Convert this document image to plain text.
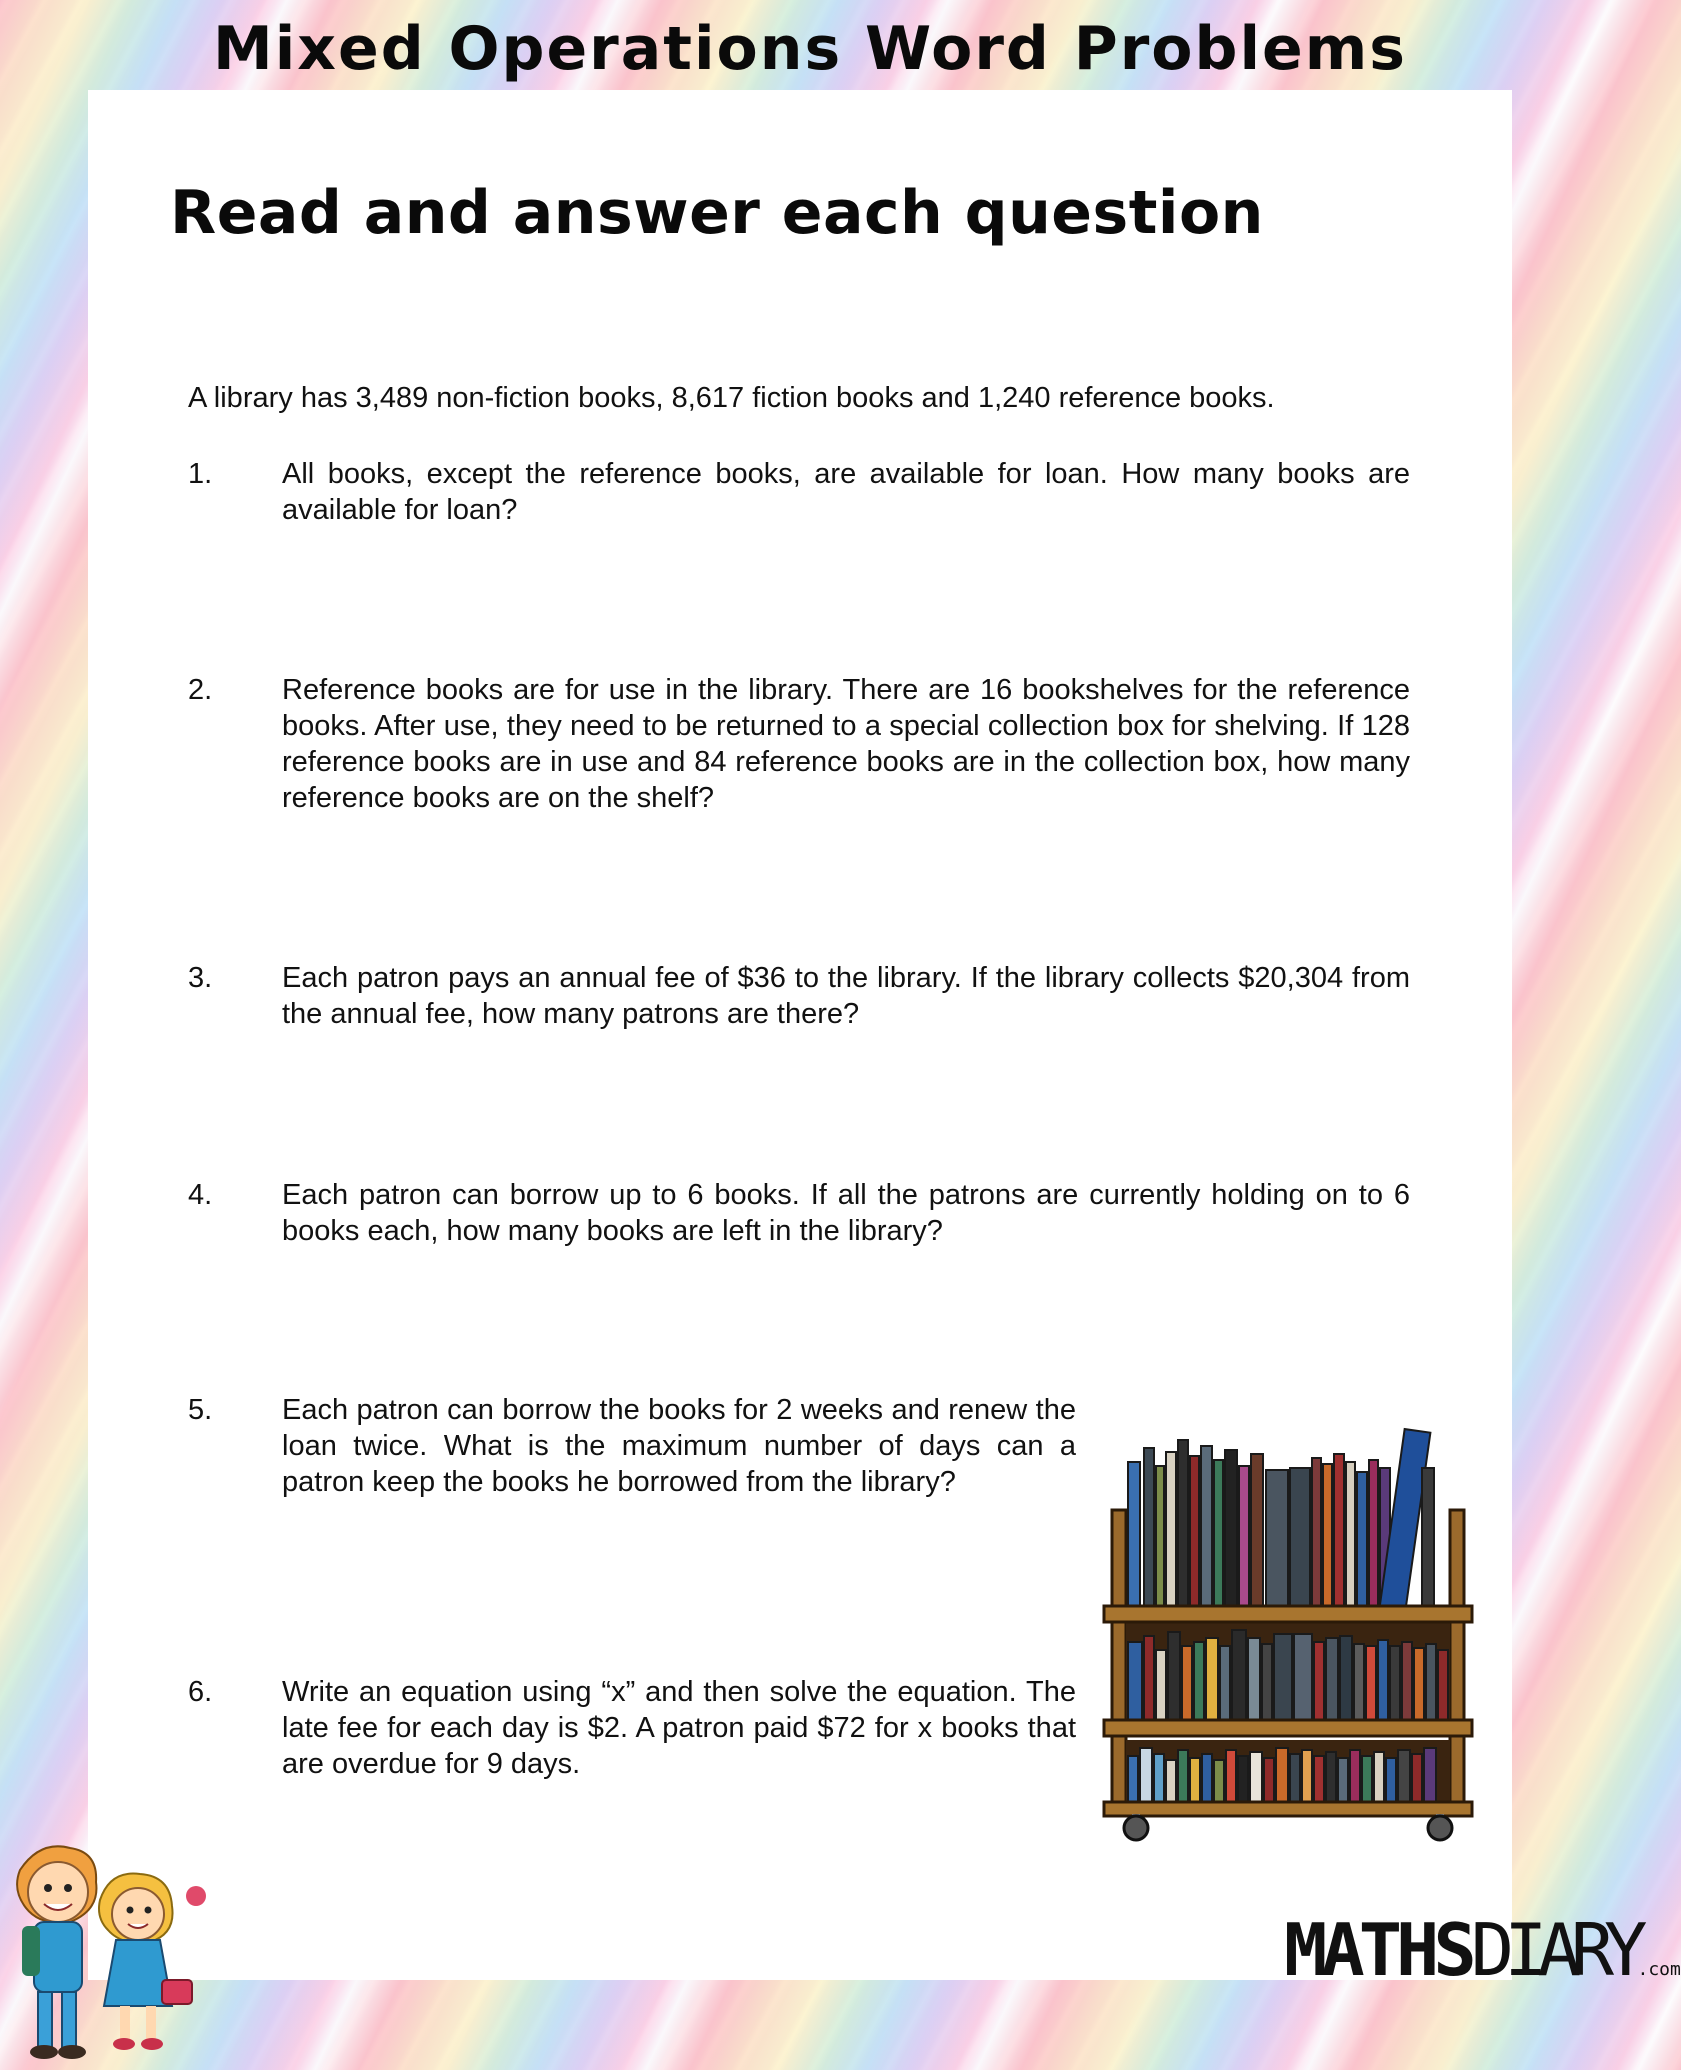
Mixed Operations Word Problems
Read and answer each question
A library has 3,489 non-fiction books, 8,617 fiction books and 1,240 reference books.
1.	All books, except the reference books, are available for loan. How many books are available for loan?
2.	Reference books are for use in the library. There are 16 bookshelves for the reference books. After use, they need to be returned to a special collection box for shelving. If 128 reference books are in use and 84 reference books are in the collection box, how many reference books are on the shelf?
3.	Each patron pays an annual fee of $36 to the library. If the library collects $20,304 from the annual fee, how many patrons are there?
4.	Each patron can borrow up to 6 books. If all the patrons are currently holding on to 6 books each, how many books are left in the library?
5.	Each patron can borrow the books for 2 weeks and renew the loan twice. What is the maximum number of days can a patron keep the books he borrowed from the library?
6.	Write an equation using “x” and then solve the equation. The late fee for each day is $2. A patron paid $72 for x books that are overdue for 9 days.
MATHSDIARY.com
